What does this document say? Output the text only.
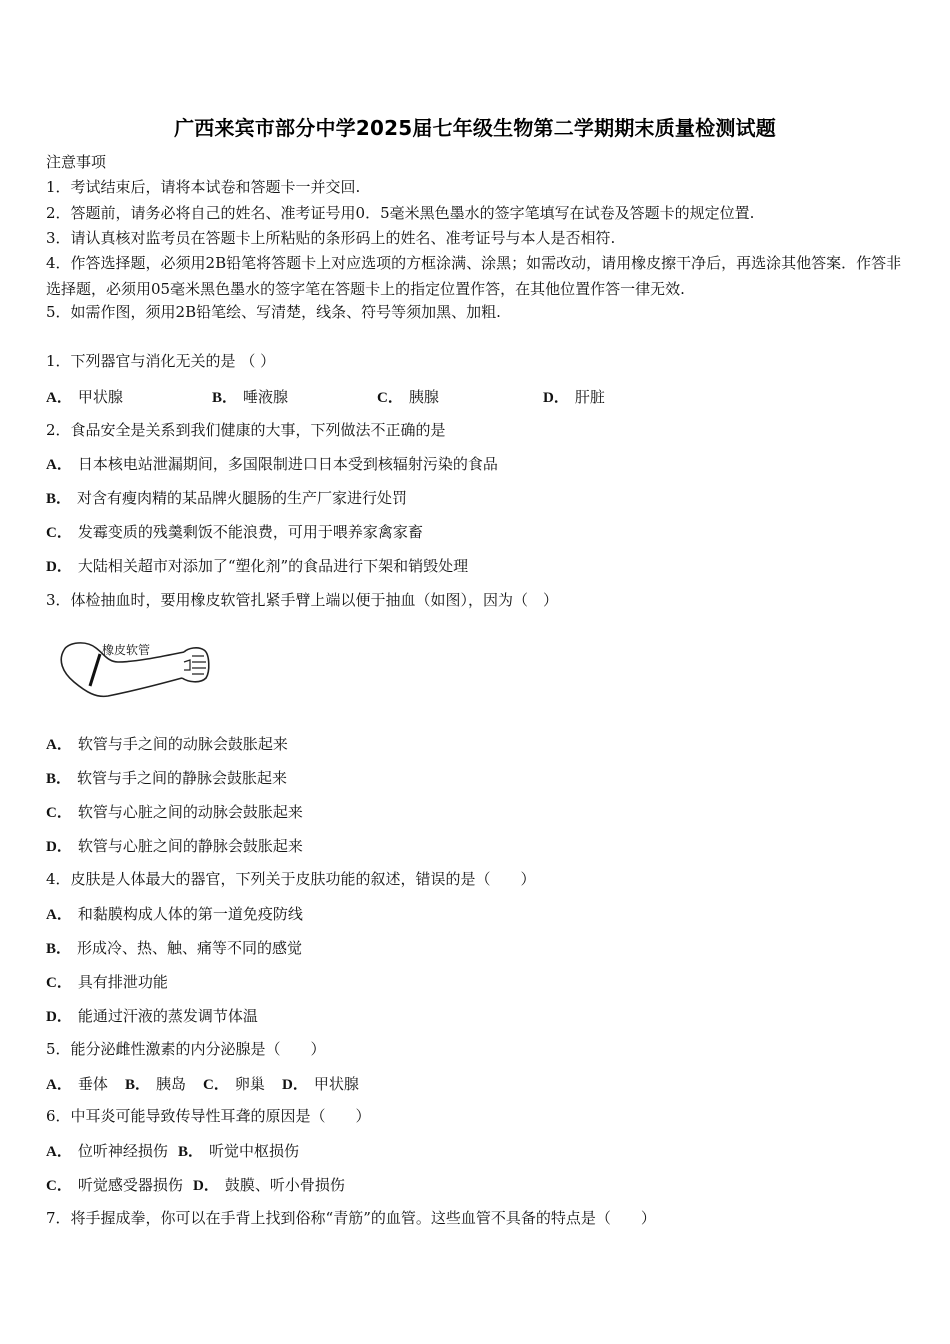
广西来宾市部分中学2025届七年级生物第二学期期末质量检测试题
注意事项
1．考试结束后，请将本试卷和答题卡一并交回.
2．答题前，请务必将自己的姓名、准考证号用0．5毫米黑色墨水的签字笔填写在试卷及答题卡的规定位置.
3．请认真核对监考员在答题卡上所粘贴的条形码上的姓名、准考证号与本人是否相符.
4．作答选择题，必须用2B铅笔将答题卡上对应选项的方框涂满、涂黑；如需改动，请用橡皮擦干净后，再选涂其他答案．作答非选择题，必须用05毫米黑色墨水的签字笔在答题卡上的指定位置作答，在其他位置作答一律无效.
5．如需作图，须用2B铅笔绘、写清楚，线条、符号等须加黑、加粗.
1．下列器官与消化无关的是 （ ）
A． 甲状腺	B． 唾液腺	C． 胰腺	D． 肝脏
2．食品安全是关系到我们健康的大事，下列做法不正确的是
A． 日本核电站泄漏期间，多国限制进口日本受到核辐射污染的食品
B． 对含有瘦肉精的某品牌火腿肠的生产厂家进行处罚
C． 发霉变质的残羹剩饭不能浪费，可用于喂养家禽家畜
D． 大陆相关超市对添加了“塑化剂”的食品进行下架和销毁处理
3．体检抽血时，要用橡皮软管扎紧手臂上端以便于抽血（如图），因为（　）
橡皮软管
A． 软管与手之间的动脉会鼓胀起来
B． 软管与手之间的静脉会鼓胀起来
C． 软管与心脏之间的动脉会鼓胀起来
D． 软管与心脏之间的静脉会鼓胀起来
4．皮肤是人体最大的器官，下列关于皮肤功能的叙述，错误的是（　　）
A． 和黏膜构成人体的第一道免疫防线
B． 形成冷、热、触、痛等不同的感觉
C． 具有排泄功能
D． 能通过汗液的蒸发调节体温
5．能分泌雌性激素的内分泌腺是（　　）
A． 垂体 B． 胰岛 C． 卵巢 D． 甲状腺
6．中耳炎可能导致传导性耳聋的原因是（　　）
A． 位听神经损伤 B． 听觉中枢损伤
C． 听觉感受器损伤 D． 鼓膜、听小骨损伤
7．将手握成拳，你可以在手背上找到俗称“青筋”的血管。这些血管不具备的特点是（　　）
